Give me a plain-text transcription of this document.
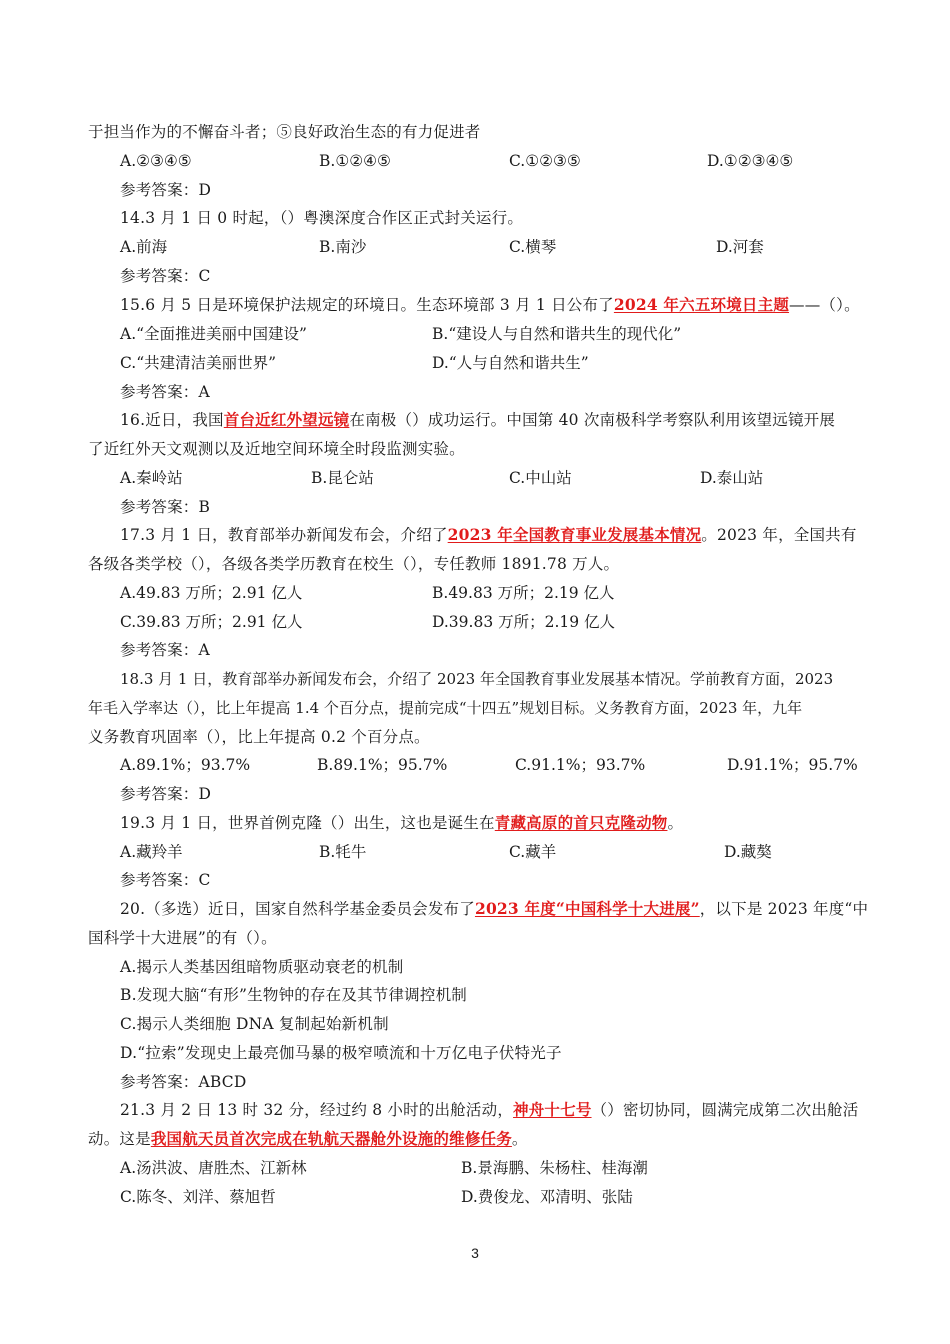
于担当作为的不懈奋斗者；⑤良好政治生态的有力促进者
A.②③④⑤	B.①②④⑤	C.①②③⑤	D.①②③④⑤
参考答案：D
14.3 月 1 日 0 时起，（）粤澳深度合作区正式封关运行。
A.前海	B.南沙	C.横琴	D.河套
参考答案：C
15.6 月 5 日是环境保护法规定的环境日。生态环境部 3 月 1 日公布了2024 年六五环境日主题——（）。
A.“全面推进美丽中国建设”	B.“建设人与自然和谐共生的现代化”
C.“共建清洁美丽世界”	D.“人与自然和谐共生”
参考答案：A
16.近日，我国首台近红外望远镜在南极（）成功运行。中国第 40 次南极科学考察队利用该望远镜开展
了近红外天文观测以及近地空间环境全时段监测实验。
A.秦岭站	B.昆仑站	C.中山站	D.泰山站
参考答案：B
17.3 月 1 日，教育部举办新闻发布会，介绍了2023 年全国教育事业发展基本情况。2023 年，全国共有
各级各类学校（），各级各类学历教育在校生（），专任教师 1891.78 万人。
A.49.83 万所；2.91 亿人	B.49.83 万所；2.19 亿人
C.39.83 万所；2.91 亿人	D.39.83 万所；2.19 亿人
参考答案：A
18.3 月 1 日，教育部举办新闻发布会，介绍了 2023 年全国教育事业发展基本情况。学前教育方面，2023
年毛入学率达（），比上年提高 1.4 个百分点，提前完成“十四五”规划目标。义务教育方面，2023 年，九年
义务教育巩固率（），比上年提高 0.2 个百分点。
A.89.1%；93.7%	B.89.1%；95.7%	C.91.1%；93.7%	D.91.1%；95.7%
参考答案：D
19.3 月 1 日，世界首例克隆（）出生，这也是诞生在青藏高原的首只克隆动物。
A.藏羚羊	B.牦牛	C.藏羊	D.藏獒
参考答案：C
20.（多选）近日，国家自然科学基金委员会发布了2023 年度“中国科学十大进展”，以下是 2023 年度“中
国科学十大进展”的有（）。
A.揭示人类基因组暗物质驱动衰老的机制
B.发现大脑“有形”生物钟的存在及其节律调控机制
C.揭示人类细胞 DNA 复制起始新机制
D.“拉索”发现史上最亮伽马暴的极窄喷流和十万亿电子伏特光子
参考答案：ABCD
21.3 月 2 日 13 时 32 分，经过约 8 小时的出舱活动，神舟十七号（）密切协同，圆满完成第二次出舱活
动。这是我国航天员首次完成在轨航天器舱外设施的维修任务。
A.汤洪波、唐胜杰、江新林	B.景海鹏、朱杨柱、桂海潮
C.陈冬、刘洋、蔡旭哲	D.费俊龙、邓清明、张陆
3
